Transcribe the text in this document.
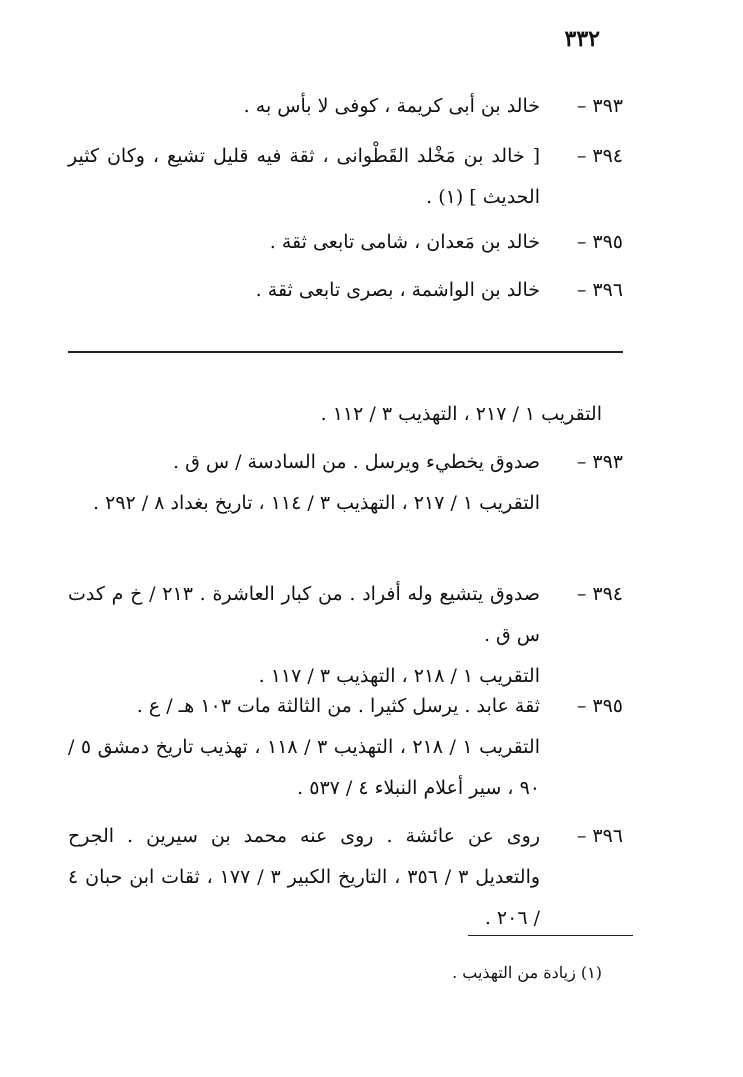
٣٣٢
٣٩٣ –
خالد بن أبى كريمة ، كوفى لا بأس به .
٣٩٤ –
[ خالد بن مَخْلد القَطْوانى ، ثقة فيه قليل تشيع ، وكان كثير الحديث ] (١) .
٣٩٥ –
خالد بن مَعدان ، شامى تابعى ثقة .
٣٩٦ –
خالد بن الواشمة ، بصرى تابعى ثقة .
التقريب ١ / ٢١٧ ، التهذيب ٣ / ١١٢ .
٣٩٣ –
صدوق يخطيء ويرسل . من السادسة / س ق .
التقريب ١ / ٢١٧ ، التهذيب ٣ / ١١٤ ، تاريخ بغداد ٨ / ٢٩٢ .
٣٩٤ –
صدوق يتشيع وله أفراد . من كبار العاشرة . ٢١٣ / خ م كدت س ق .
التقريب ١ / ٢١٨ ، التهذيب ٣ / ١١٧ .
٣٩٥ –
ثقة عابد . يرسل كثيرا . من الثالثة مات ١٠٣ هـ / ع .
التقريب ١ / ٢١٨ ، التهذيب ٣ / ١١٨ ، تهذيب تاريخ دمشق ٥ / ٩٠ ، سير أعلام النبلاء ٤ / ٥٣٧ .
٣٩٦ –
روى عن عائشة . روى عنه محمد بن سيرين . الجرح والتعديل ٣ / ٣٥٦ ، التاريخ الكبير ٣ / ١٧٧ ، ثقات ابن حبان ٤ / ٢٠٦ .
(١) زيادة من التهذيب .
